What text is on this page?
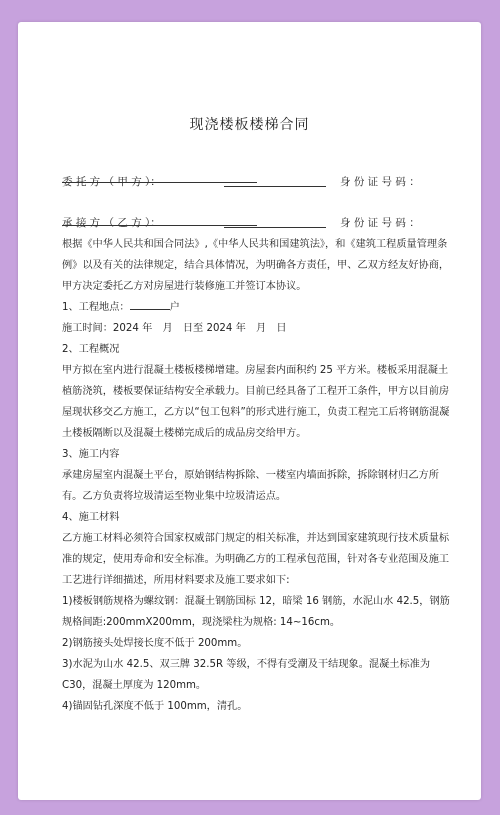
现浇楼板楼梯合同
委 托 方 （ 甲 方 ）：	身 份 证 号 码 ：
承 接 方 （ 乙 方 ）：	身 份 证 号 码 ：

根据《中华人民共和国合同法》,《中华人民共和国建筑法》，和《建筑工程质量管理条例》以及有关的法律规定，结合具体情况，为明确各方责任，甲、乙双方经友好协商，甲方决定委托乙方对房屋进行装修施工并签订本协议。

1、工程地点：	户

施工时间：2024 年　月　日至 2024 年　月　日

2、工程概况

甲方拟在室内进行混凝土楼板楼梯增建。房屋套内面积约 25 平方米。楼板采用混凝土植筋浇筑，楼板要保证结构安全承载力。目前已经具备了工程开工条件，甲方以目前房屋现状移交乙方施工，乙方以“包工包料”的形式进行施工，负责工程完工后将钢筋混凝土楼板隔断以及混凝土楼梯完成后的成品房交给甲方。

3、施工内容

承建房屋室内混凝土平台，原始钢结构拆除、一楼室内墙面拆除，拆除钢材归乙方所有。乙方负责将垃圾清运至物业集中垃圾清运点。

4、施工材料

乙方施工材料必须符合国家权威部门规定的相关标准，并达到国家建筑现行技术质量标准的规定，使用寿命和安全标准。为明确乙方的工程承包范围，针对各专业范围及施工工艺进行详细描述，所用材料要求及施工要求如下:

1)楼板钢筋规格为螺纹钢：混凝土钢筋国标 12，暗梁 16 钢筋，水泥山水 42.5，钢筋规格间距:200mmX200mm，现浇梁柱为规格: 14~16cm。

2)钢筋接头处焊接长度不低于 200mm。

3)水泥为山水 42.5、双三牌 32.5R 等级，不得有受潮及干结现象。混凝土标准为 C30，混凝土厚度为 120mm。

4)锚固钻孔深度不低于 100mm，清孔。
